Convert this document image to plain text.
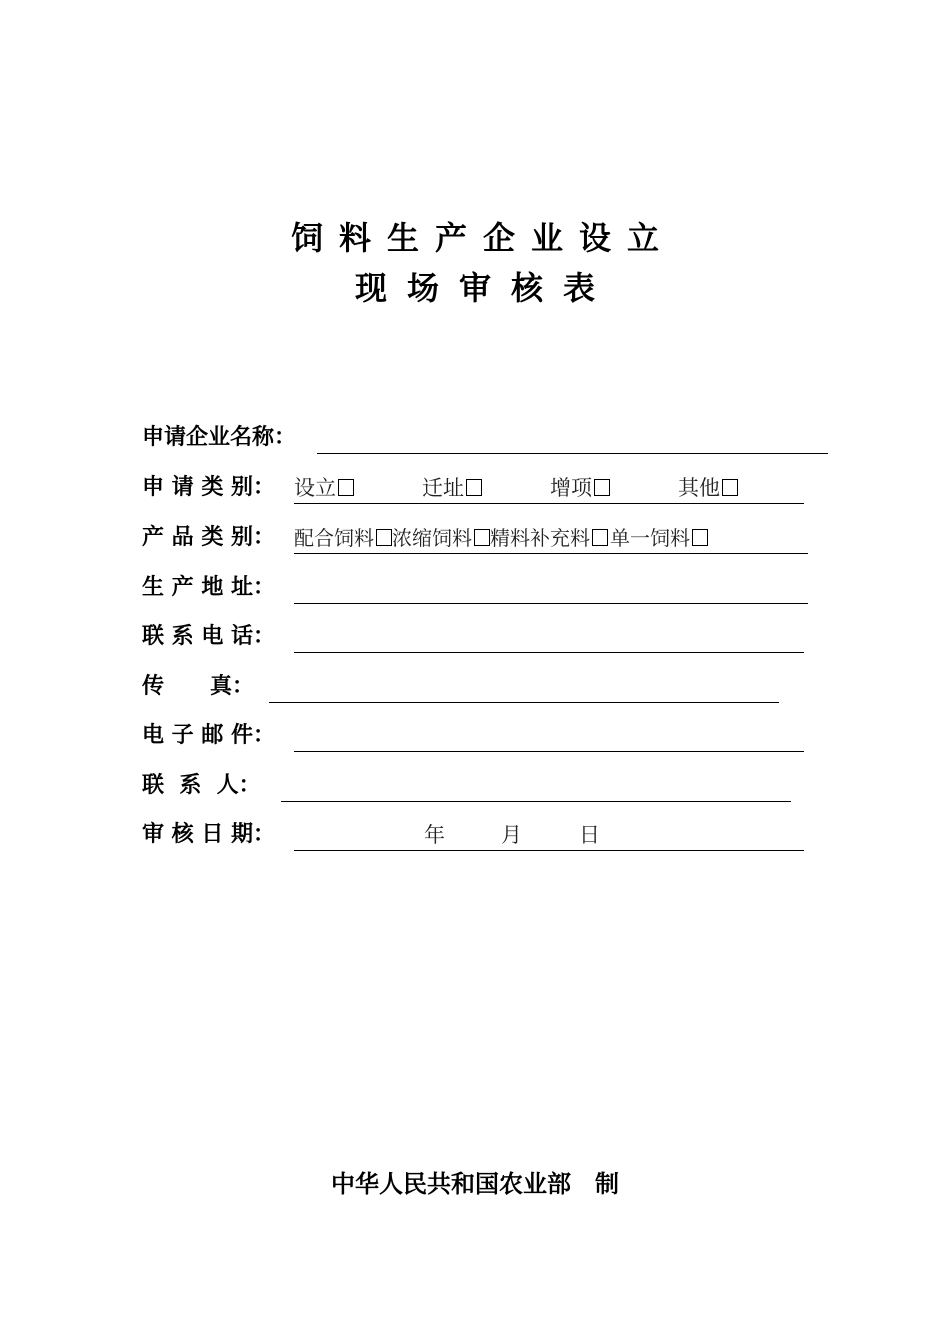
饲料生产企业设立
现场审核表
申请企业名称：
申 请 类 别： 设立	迁址	增项	其他
产 品 类 别： 配合饲料 浓缩饲料 精料补充料	单一饲料
生 产 地 址：
联 系 电 话：
传      真：
电 子 邮 件：
联  系  人：
审 核 日 期：	年	月	日
中华人民共和国农业部 制
